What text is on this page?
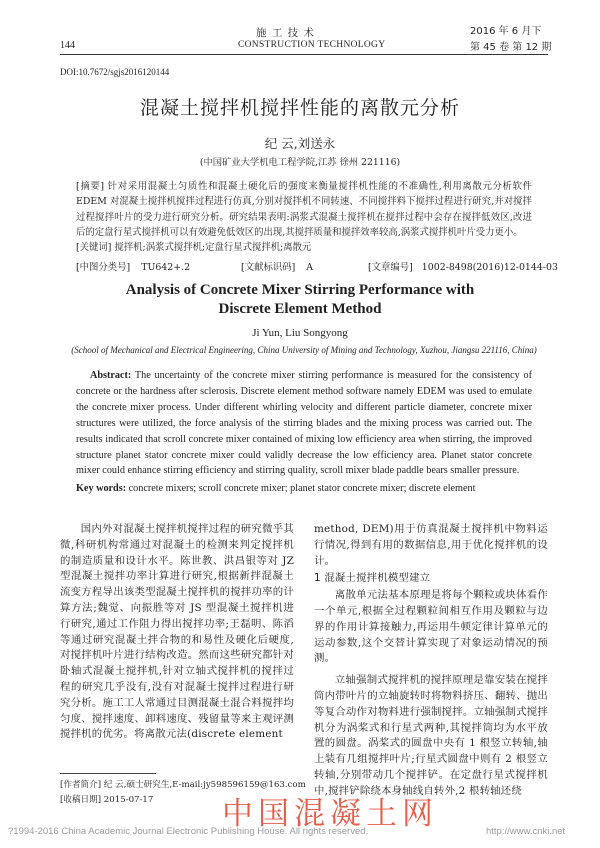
施 工 技 术
CONSTRUCTION TECHNOLOGY
144
2016 年 6 月下
第 45 卷 第 12 期
DOI:10.7672/sgjs2016120144
混凝土搅拌机搅拌性能的离散元分析
纪 云,刘送永
(中国矿业大学机电工程学院,江苏 徐州 221116)

[摘要] 针对采用混凝土匀质性和混凝土硬化后的强度来衡量搅拌机性能的不准确性,利用离散元分析软件 EDEM 对混凝土搅拌机搅拌过程进行仿真,分别对搅拌机不同转速、不同搅拌料下搅拌过程进行研究,并对搅拌过程搅拌叶片的受力进行研究分析。研究结果表明:涡浆式混凝土搅拌机在搅拌过程中会存在搅拌低效区,改进后的定盘行星式搅拌机可以有效避免低效区的出现,其搅拌质量和搅拌效率较高,涡浆式搅拌机叶片受力更小。

[关键词] 搅拌机;涡浆式搅拌机;定盘行星式搅拌机;离散元

[中图分类号] TU642+.2	[文献标识码] A	[文章编号] 1002-8498(2016)12-0144-03
Analysis of Concrete Mixer Stirring Performance with
Discrete Element Method
Ji Yun, Liu Songyong
(School of Mechanical and Electrical Engineering, China University of Mining and Technology, Xuzhou, Jiangsu 221116, China)

Abstract: The uncertainty of the concrete mixer stirring performance is measured for the consistency of concrete or the hardness after sclerosis. Discrete element method software namely EDEM was used to emulate the concrete mixer process. Under different whirling velocity and different particle diameter, concrete mixer structures were utilized, the force analysis of the stirring blades and the mixing process was carried out. The results indicated that scroll concrete mixer contained of mixing low efficiency area when stirring, the improved structure planet stator concrete mixer could validly decrease the low efficiency area. Planet stator concrete mixer could enhance stirring efficiency and stirring quality, scroll mixer blade paddle bears smaller pressure.

Key words: concrete mixers; scroll concrete mixer; planet stator concrete mixer; discrete element

国内外对混凝土搅拌机搅拌过程的研究微乎其微,科研机构常通过对混凝土的检测来判定搅拌机的制造质量和设计水平。陈世教、洪昌银等对 JZ 型混凝土搅拌功率计算进行研究,根据新拌混凝土流变方程导出该类型混凝土搅拌机的搅拌功率的计算方法;魏觉、向振胜等对 JS 型混凝土搅拌机进行研究,通过工作阻力得出搅拌功率;王磊明、陈滔等通过研究混凝土拌合物的和易性及硬化后硬度,对搅拌机叶片进行结构改造。然而这些研究都针对卧轴式混凝土搅拌机,针对立轴式搅拌机的搅拌过程的研究几乎没有,没有对混凝土搅拌过程进行研究分析。施工工人常通过目测混凝土混合料搅拌均匀度、搅拌速度、卸料速度、残留量等来主观评测搅拌机的优劣。将离散元法(discrete element

[作者简介] 纪 云,硕士研究生,E-mail:jy598596159@163.com
[收稿日期] 2015-07-17

method, DEM)用于仿真混凝土搅拌机中物料运行情况,得到有用的数据信息,用于优化搅拌机的设计。

1 混凝土搅拌机模型建立

离散单元法基本原理是将每个颗粒或块体看作一个单元,根据全过程颗粒间相互作用及颗粒与边界的作用计算接触力,再运用牛顿定律计算单元的运动参数,这个交替计算实现了对象运动情况的预测。

立轴强制式搅拌机的搅拌原理是靠安装在搅拌筒内带叶片的立轴旋转时将物料挤压、翻转、抛出等复合动作对物料进行强制搅拌。立轴强制式搅拌机分为涡桨式和行星式两种,其搅拌筒均为水平放置的圆盘。涡桨式的圆盘中央有 1 根竖立转轴,轴上装有几组搅拌叶片;行星式圆盘中则有 2 根竖立转轴,分别带动几个搅拌铲。在定盘行星式搅拌机中,搅拌铲除绕本身轴线自转外,2 根转轴还绕

中国混凝土网
?1994-2016 China Academic Journal Electronic Publishing House. All rights reserved.	http://www.cnki.net
